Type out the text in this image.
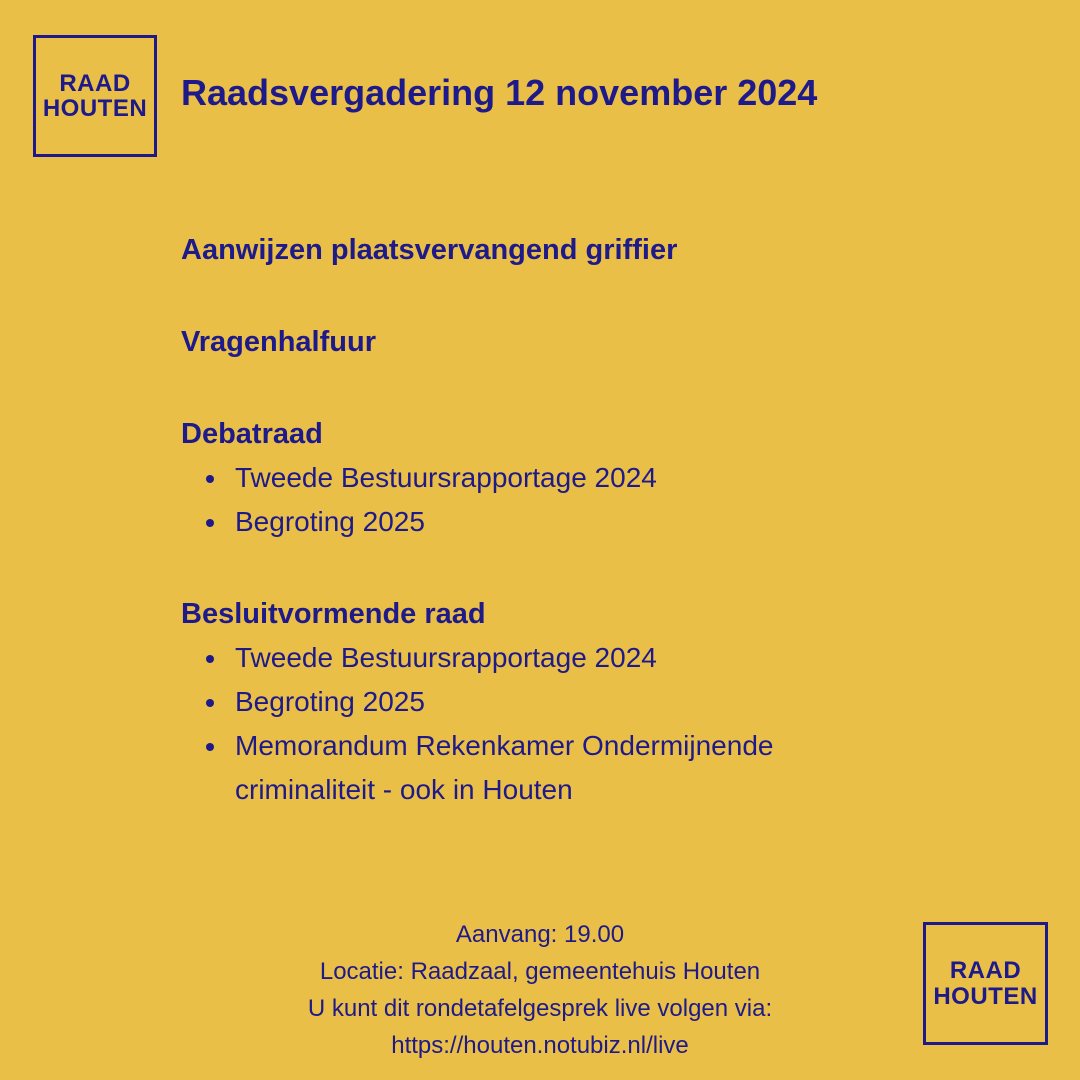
RAAD
HOUTEN Raadsvergadering 12 november 2024

Aanwijzen plaatsvervangend griffier

Vragenhalfuur

Debatraad

Tweede Bestuursrapportage 2024
Begroting 2025

Besluitvormende raad

Tweede Bestuursrapportage 2024
Begroting 2025
Memorandum Rekenkamer Ondermijnende criminaliteit - ook in Houten
Aanvang: 19.00
Locatie: Raadzaal, gemeentehuis Houten
U kunt dit rondetafelgesprek live volgen via:
https://houten.notubiz.nl/live
RAAD
HOUTEN
